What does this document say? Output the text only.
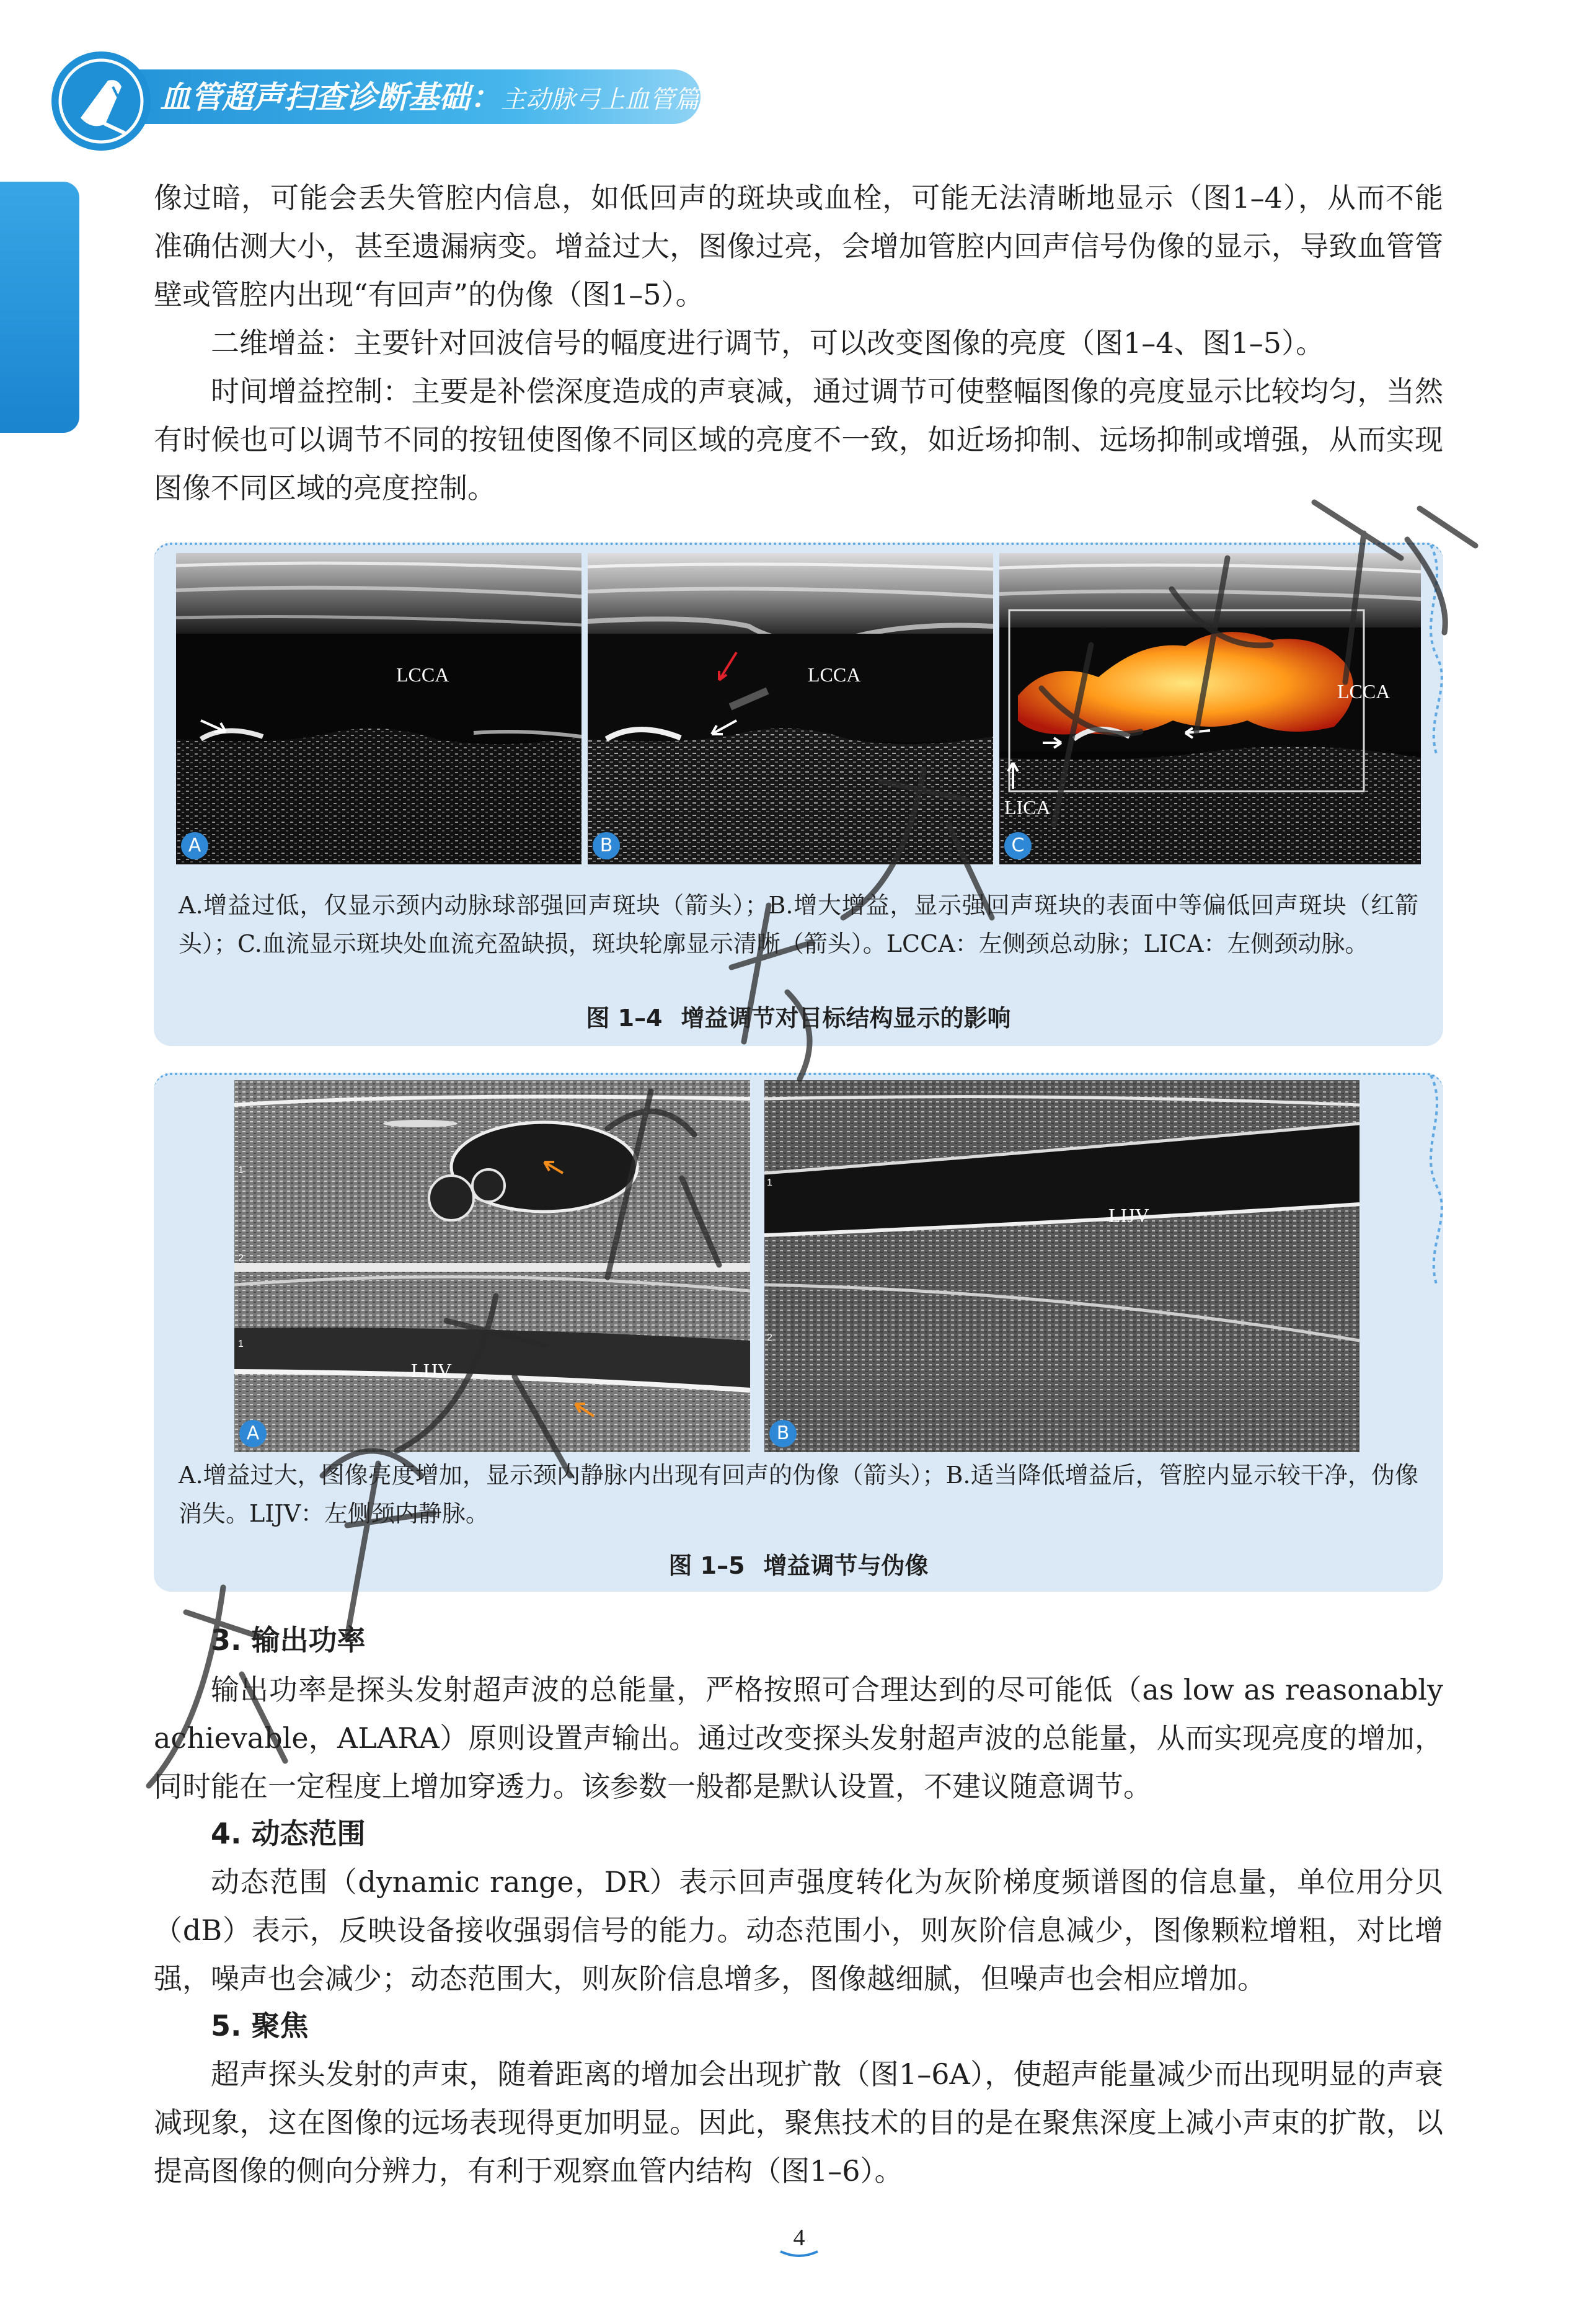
血管超声扫查诊断基础：主动脉弓上血管篇

像过暗，可能会丢失管腔内信息，如低回声的斑块或血栓，可能无法清晰地显示（图1–4），从而不能准确估测大小，甚至遗漏病变。增益过大，图像过亮，会增加管腔内回声信号伪像的显示，导致血管管壁或管腔内出现“有回声”的伪像（图1–5）。

二维增益：主要针对回波信号的幅度进行调节，可以改变图像的亮度（图1–4、图1–5）。

时间增益控制：主要是补偿深度造成的声衰减，通过调节可使整幅图像的亮度显示比较均匀，当然有时候也可以调节不同的按钮使图像不同区域的亮度不一致，如近场抑制、远场抑制或增强，从而实现图像不同区域的亮度控制。

LCCA
A
LCCA
B
LCCA
LICA
C

A.增益过低，仅显示颈内动脉球部强回声斑块（箭头）；B.增大增益，显示强回声斑块的表面中等偏低回声斑块（红箭头）；C.血流显示斑块处血流充盈缺损，斑块轮廓显示清晰（箭头）。LCCA：左侧颈总动脉；LICA：左侧颈动脉。

图 1–4 增益调节对目标结构显示的影响
1
2
1
LIJV
A
1
2
LIJV
B

A.增益过大，图像亮度增加，显示颈内静脉内出现有回声的伪像（箭头）；B.适当降低增益后，管腔内显示较干净，伪像消失。LIJV：左侧颈内静脉。

图 1–5 增益调节与伪像
3. 输出功率

输出功率是探头发射超声波的总能量，严格按照可合理达到的尽可能低（as low as reasonably achievable，ALARA）原则设置声输出。通过改变探头发射超声波的总能量，从而实现亮度的增加，同时能在一定程度上增加穿透力。该参数一般都是默认设置，不建议随意调节。

4. 动态范围

动态范围（dynamic range，DR）表示回声强度转化为灰阶梯度频谱图的信息量，单位用分贝（dB）表示，反映设备接收强弱信号的能力。动态范围小，则灰阶信息减少，图像颗粒增粗，对比增强，噪声也会减少；动态范围大，则灰阶信息增多，图像越细腻，但噪声也会相应增加。

5. 聚焦

超声探头发射的声束，随着距离的增加会出现扩散（图1–6A），使超声能量减少而出现明显的声衰减现象，这在图像的远场表现得更加明显。因此，聚焦技术的目的是在聚焦深度上减小声束的扩散，以提高图像的侧向分辨力，有利于观察血管内结构（图1–6）。

4
